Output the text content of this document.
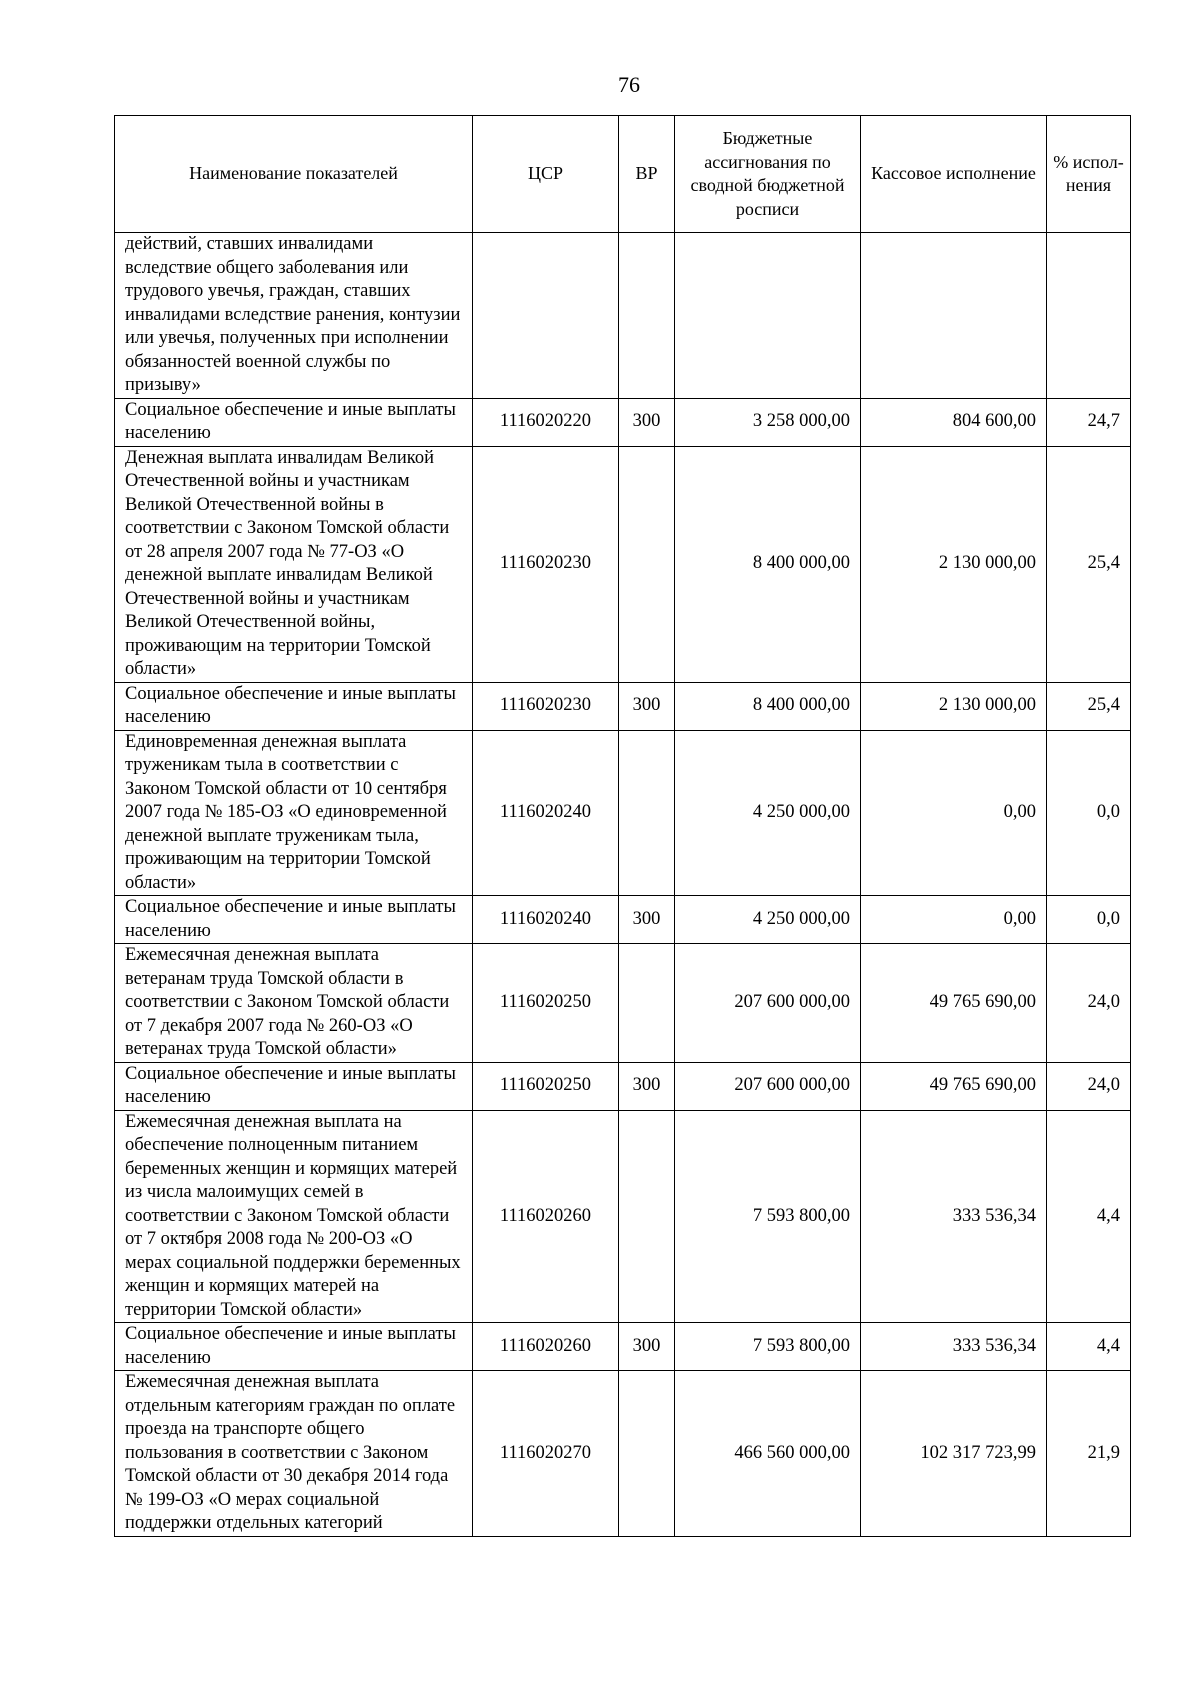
76
Наименование показателей	ЦСР	ВР	Бюджетные ассигнования по сводной бюджетной росписи	Кассовое исполнение	% испол-нения
действий, ставших инвалидами вследствие общего заболевания или трудового увечья, граждан, ставших инвалидами вследствие ранения, контузии или увечья, полученных при исполнении обязанностей военной службы по призыву»					
Социальное обеспечение и иные выплаты населению	1116020220	300	3 258 000,00	804 600,00	24,7
Денежная выплата инвалидам Великой Отечественной войны и участникам Великой Отечественной войны в соответствии с Законом Томской области от 28 апреля 2007 года № 77-ОЗ «О денежной выплате инвалидам Великой Отечественной войны и участникам Великой Отечественной войны, проживающим на территории Томской области»	1116020230		8 400 000,00	2 130 000,00	25,4
Социальное обеспечение и иные выплаты населению	1116020230	300	8 400 000,00	2 130 000,00	25,4
Единовременная денежная выплата труженикам тыла в соответствии с Законом Томской области от 10 сентября 2007 года № 185-ОЗ «О единовременной денежной выплате труженикам тыла, проживающим на территории Томской области»	1116020240		4 250 000,00	0,00	0,0
Социальное обеспечение и иные выплаты населению	1116020240	300	4 250 000,00	0,00	0,0
Ежемесячная денежная выплата ветеранам труда Томской области в соответствии с Законом Томской области от 7 декабря 2007 года № 260-ОЗ «О ветеранах труда Томской области»	1116020250		207 600 000,00	49 765 690,00	24,0
Социальное обеспечение и иные выплаты населению	1116020250	300	207 600 000,00	49 765 690,00	24,0
Ежемесячная денежная выплата на обеспечение полноценным питанием беременных женщин и кормящих матерей из числа малоимущих семей в соответствии с Законом Томской области от 7 октября 2008 года № 200-ОЗ «О мерах социальной поддержки беременных женщин и кормящих матерей на территории Томской области»	1116020260		7 593 800,00	333 536,34	4,4
Социальное обеспечение и иные выплаты населению	1116020260	300	7 593 800,00	333 536,34	4,4
Ежемесячная денежная выплата отдельным категориям граждан по оплате проезда на транспорте общего пользования в соответствии с Законом Томской области от 30 декабря 2014 года № 199-ОЗ «О мерах социальной поддержки отдельных категорий	1116020270		466 560 000,00	102 317 723,99	21,9
